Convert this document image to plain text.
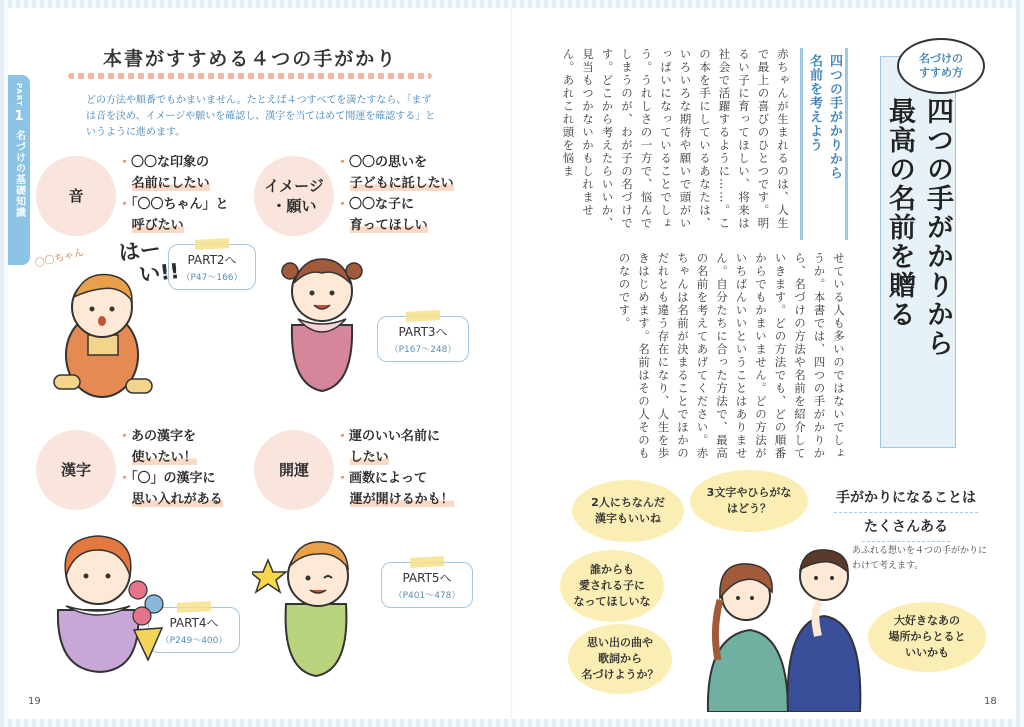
PART
1
名づけの基礎知識
本書がすすめる４つの手がかり
どの方法や順番でもかまいません。たとえば４つすべてを満たすなら、「まずは音を決め、イメージや願いを確認し、漢字を当てはめて開運を確認する」というように進めます。
音
・〇〇な印象の
名前にしたい
・「〇〇ちゃん」と
呼びたい
イメージ
・願い
・〇〇の思いを
子どもに託したい
・〇〇な子に
育ってほしい
漢字
・あの漢字を
使いたい！
・「〇」の漢字に
思い入れがある
開運
・運のいい名前に
したい
・画数によって
運が開けるかも！
PART2へ
（P47〜166）
PART3へ
（P167〜248）
PART4へ
（P249〜400）
PART5へ
（P401〜478）
〇〇ちゃん はー
い!!
19
四つの手がかりから
最高の名前を贈る
名づけの
すすめ方
四つの手がかりから
名前を考えよう
赤ちゃんが生まれるのは、人生で最上の喜びのひとつです。明るい子に育ってほしい、将来は社会で活躍するように……。この本を手にしているあなたは、いろいろな期待や願いで頭がいっぱいになっていることでしょう。うれしさの一方で、悩んでしまうのが、わが子の名づけです。どこから考えたらいいか、見当もつかないかもしれません。あれこれ頭を悩ま
せている人も多いのではないでしょうか。本書では、四つの手がかりから、名づけの方法や名前を紹介していきます。どの方法でも、どの順番からでもかまいません。どの方法がいちばんいいということはありません。自分たちに合った方法で、最高の名前を考えてあげてください。赤ちゃんは名前が決まることでほかのだれとも違う存在になり、人生を歩きはじめます。名前はその人そのものなのです。
手がかりになることは
たくさんある
あふれる想いを４つの手がかりにわけて考えます。
2人にちなんだ
漢字もいいね
3文字やひらがな
はどう？
誰からも
愛される子に
なってほしいな
思い出の曲や
歌詞から
名づけようか？
大好きなあの
場所からとると
いいかも
18
